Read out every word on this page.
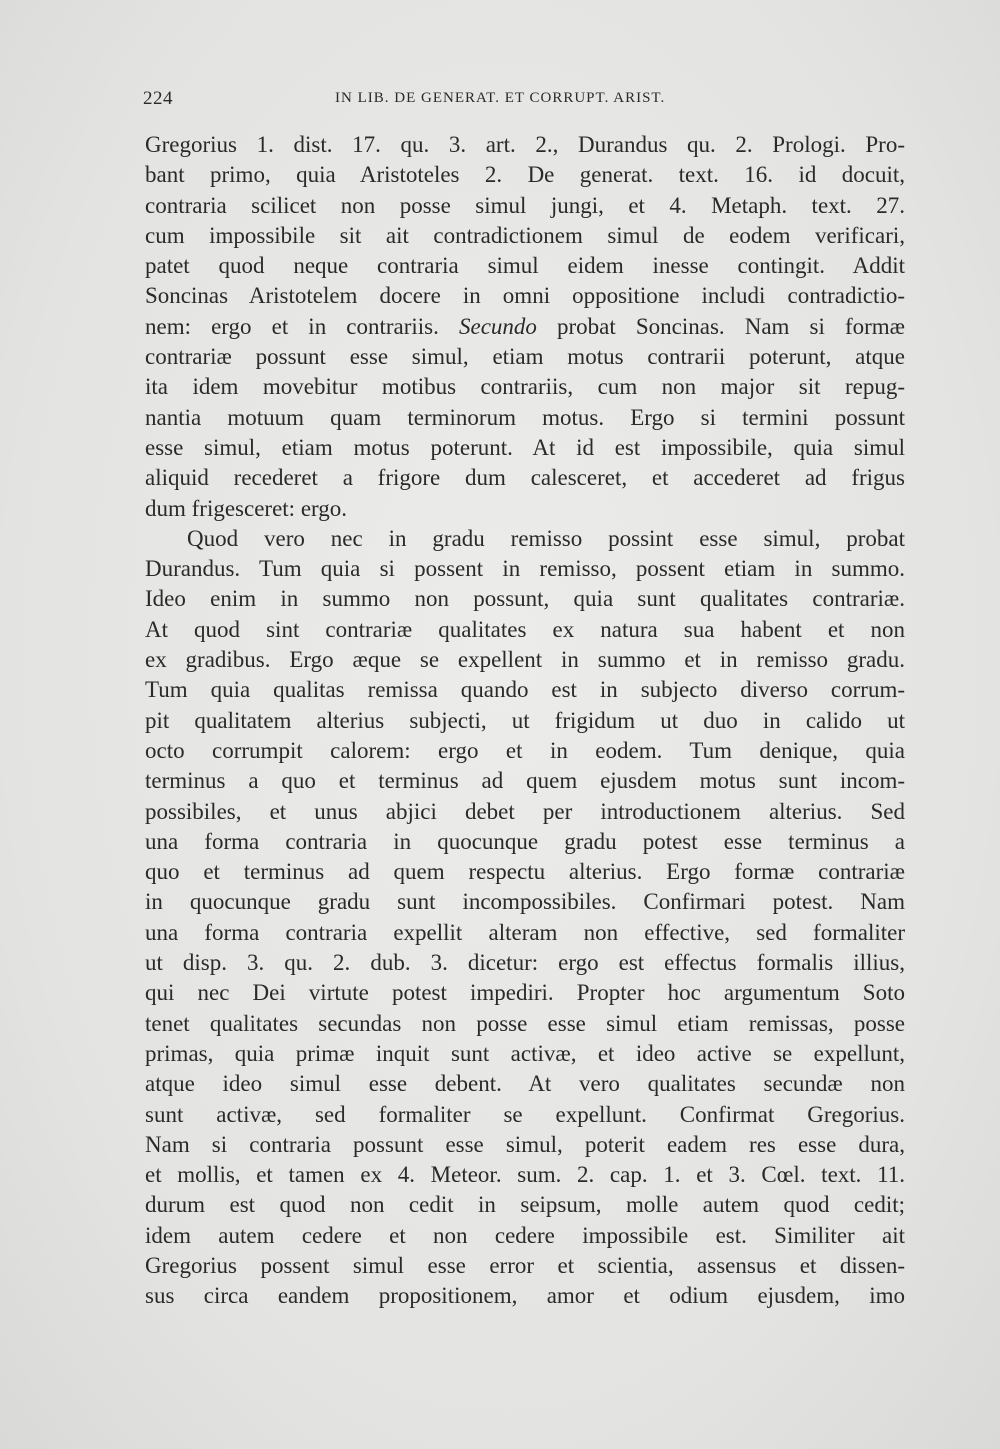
224	IN LIB. DE GENERAT. ET CORRUPT. ARIST.
Gregorius 1. dist. 17. qu. 3. art. 2., Durandus qu. 2. Prologi. Pro-
bant primo, quia Aristoteles 2. De generat. text. 16. id docuit,
contraria scilicet non posse simul jungi, et 4. Metaph. text. 27.
cum impossibile sit ait contradictionem simul de eodem verificari,
patet quod neque contraria simul eidem inesse contingit. Addit
Soncinas Aristotelem docere in omni oppositione includi contradictio-
nem: ergo et in contrariis. Secundo probat Soncinas. Nam si formæ
contrariæ possunt esse simul, etiam motus contrarii poterunt, atque
ita idem movebitur motibus contrariis, cum non major sit repug-
nantia motuum quam terminorum motus. Ergo si termini possunt
esse simul, etiam motus poterunt. At id est impossibile, quia simul
aliquid recederet a frigore dum calesceret, et accederet ad frigus
dum frigesceret: ergo.
Quod vero nec in gradu remisso possint esse simul, probat
Durandus. Tum quia si possent in remisso, possent etiam in summo.
Ideo enim in summo non possunt, quia sunt qualitates contrariæ.
At quod sint contrariæ qualitates ex natura sua habent et non
ex gradibus. Ergo æque se expellent in summo et in remisso gradu.
Tum quia qualitas remissa quando est in subjecto diverso corrum-
pit qualitatem alterius subjecti, ut frigidum ut duo in calido ut
octo corrumpit calorem: ergo et in eodem. Tum denique, quia
terminus a quo et terminus ad quem ejusdem motus sunt incom-
possibiles, et unus abjici debet per introductionem alterius. Sed
una forma contraria in quocunque gradu potest esse terminus a
quo et terminus ad quem respectu alterius. Ergo formæ contrariæ
in quocunque gradu sunt incompossibiles. Confirmari potest. Nam
una forma contraria expellit alteram non effective, sed formaliter
ut disp. 3. qu. 2. dub. 3. dicetur: ergo est effectus formalis illius,
qui nec Dei virtute potest impediri. Propter hoc argumentum Soto
tenet qualitates secundas non posse esse simul etiam remissas, posse
primas, quia primæ inquit sunt activæ, et ideo active se expellunt,
atque ideo simul esse debent. At vero qualitates secundæ non
sunt activæ, sed formaliter se expellunt. Confirmat Gregorius.
Nam si contraria possunt esse simul, poterit eadem res esse dura,
et mollis, et tamen ex 4. Meteor. sum. 2. cap. 1. et 3. Cœl. text. 11.
durum est quod non cedit in seipsum, molle autem quod cedit;
idem autem cedere et non cedere impossibile est. Similiter ait
Gregorius possent simul esse error et scientia, assensus et dissen-
sus circa eandem propositionem, amor et odium ejusdem, imo
